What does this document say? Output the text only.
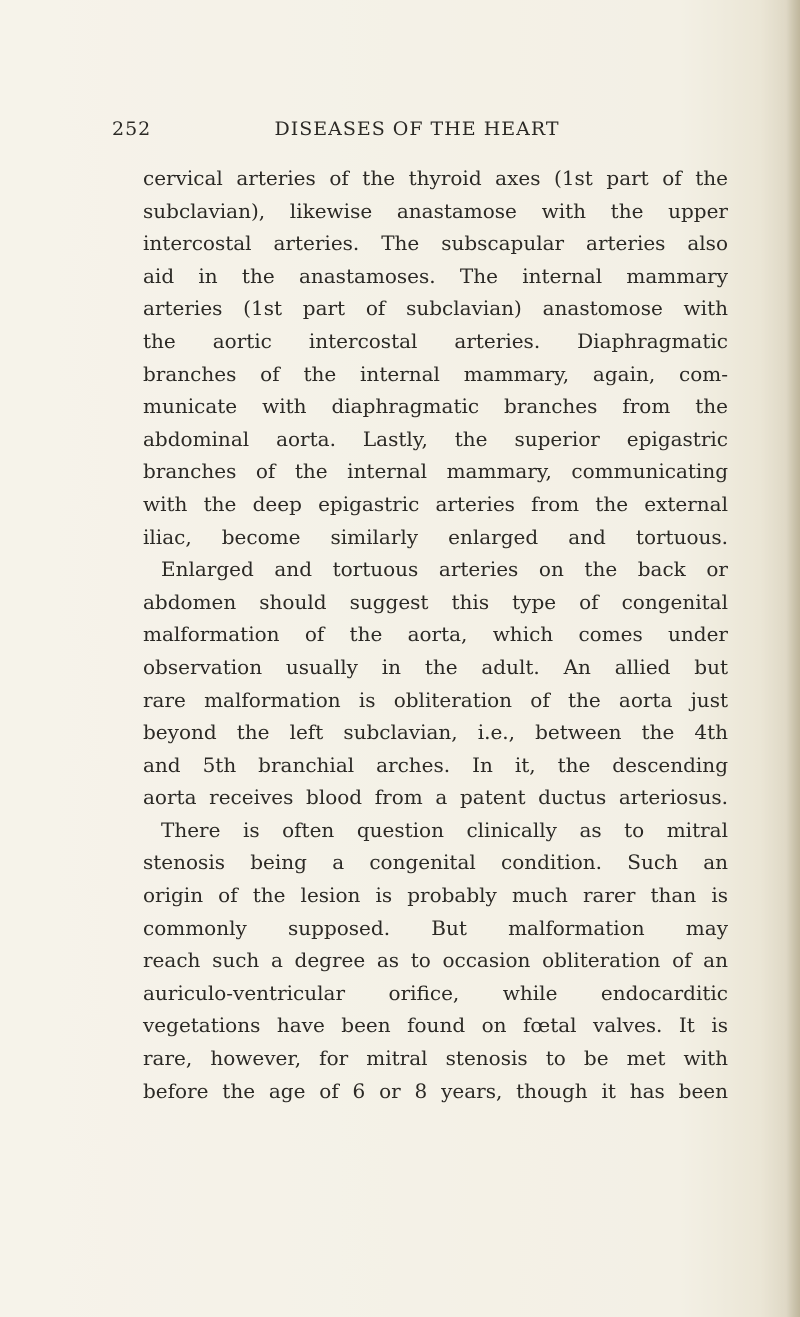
252	DISEASES OF THE HEART
cervical arteries of the thyroid axes (1st part of the
subclavian), likewise anastamose with the upper
intercostal arteries. The subscapular arteries also
aid in the anastamoses. The internal mammary
arteries (1st part of subclavian) anastomose with
the aortic intercostal arteries. Diaphragmatic
branches of the internal mammary, again, com-
municate with diaphragmatic branches from the
abdominal aorta. Lastly, the superior epigastric
branches of the internal mammary, communicating
with the deep epigastric arteries from the external
iliac, become similarly enlarged and tortuous.
Enlarged and tortuous arteries on the back or
abdomen should suggest this type of congenital
malformation of the aorta, which comes under
observation usually in the adult. An allied but
rare malformation is obliteration of the aorta just
beyond the left subclavian, i.e., between the 4th
and 5th branchial arches. In it, the descending
aorta receives blood from a patent ductus arteriosus.
There is often question clinically as to mitral
stenosis being a congenital condition. Such an
origin of the lesion is probably much rarer than is
commonly supposed. But malformation may
reach such a degree as to occasion obliteration of an
auriculo-ventricular orifice, while endocarditic
vegetations have been found on fœtal valves. It is
rare, however, for mitral stenosis to be met with
before the age of 6 or 8 years, though it has been
